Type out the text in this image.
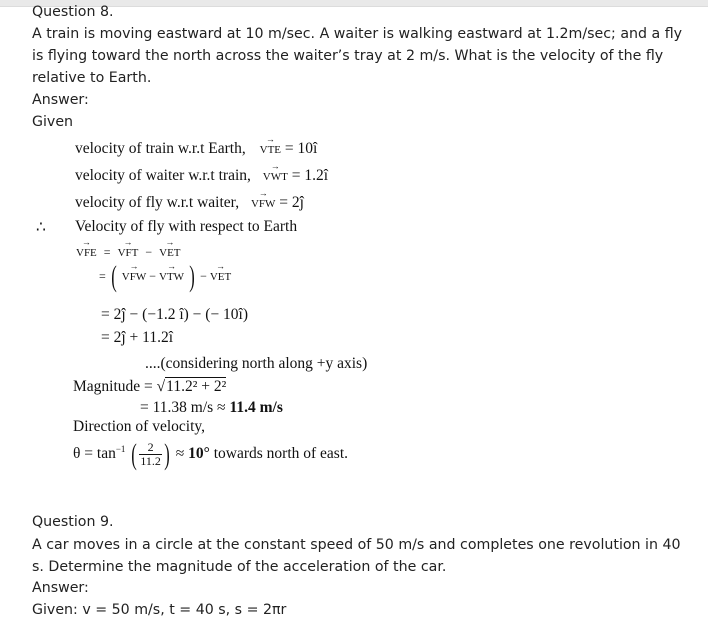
Question 8.
A train is moving eastward at 10 m/sec. A waiter is walking eastward at 1.2m/sec; and a fly is flying toward the north across the waiter’s tray at 2 m/s. What is the velocity of the fly relative to Earth.
Answer:
Given
velocity of train w.r.t Earth, → VTE = 10î
velocity of waiter w.r.t train, → VWT = 1.2î
velocity of fly w.r.t waiter, → VFW = 2ĵ
∴ Velocity of fly with respect to Earth
→ VFE = → VFT − → VET
= ( → VFW − → VTW ) − → VET
= 2ĵ − (−1.2 î) − (− 10î)
= 2ĵ + 11.2î
....(considering north along +y axis)
Magnitude = √11.2² + 2²
= 11.38 m/s ≈ 11.4 m/s
Direction of velocity,
$\theta = \tan^{-1}$ ( $\frac{2}{11.2}$ ) ≈ 10° towards north of east.
Question 9.
A car moves in a circle at the constant speed of 50 m/s and completes one revolution in 40 s. Determine the magnitude of the acceleration of the car.
Answer:
Given: v = 50 m/s, t = 40 s, s = 2πr
